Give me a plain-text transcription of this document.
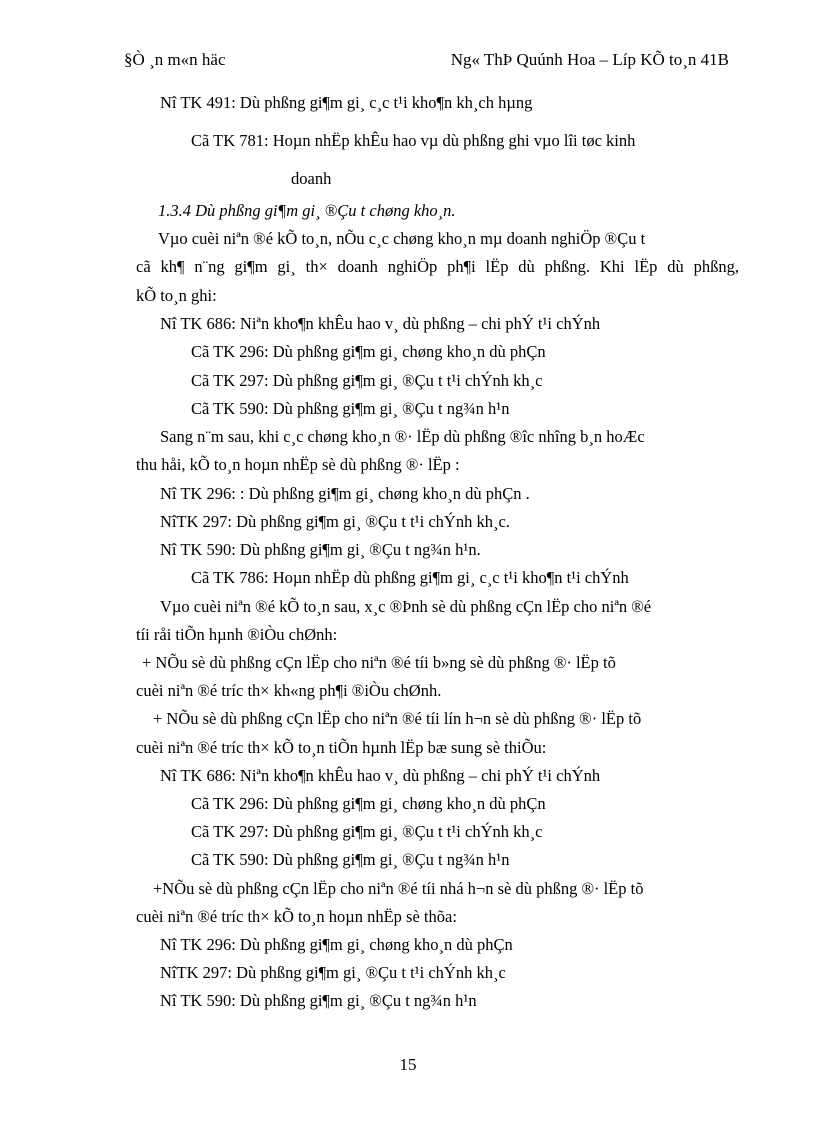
§Ò ¸n m«n häc	Ng« ThÞ Quúnh Hoa – Líp KÕ to¸n 41B
Nî TK 491: Dù phßng gi¶m gi¸ c¸c t¹i kho¶n kh¸ch hµng
Cã TK 781: Hoµn nhËp khÊu hao vµ dù phßng ghi vµo lîi tøc kinh
doanh
1.3.4 Dù phßng gi¶m gi¸ ®Çu t chøng kho¸n.
Vµo cuèi niªn ®é kÕ to¸n, nÕu c¸c chøng kho¸n mµ doanh nghiÖp ®Çu t
cã kh¶ n¨ng gi¶m gi¸ th× doanh nghiÖp ph¶i lËp dù phßng. Khi lËp dù phßng,
kÕ to¸n ghi:
Nî TK 686: Niªn kho¶n khÊu hao v¸ dù phßng – chi phÝ t¹i chÝnh
Cã TK 296: Dù phßng gi¶m gi¸ chøng kho¸n dù phÇn
Cã TK 297: Dù phßng gi¶m gi¸ ®Çu t t¹i chÝnh kh¸c
Cã TK 590: Dù phßng gi¶m gi¸ ®Çu t ng¾n h¹n
Sang n¨m sau, khi c¸c chøng kho¸n ®· lËp dù phßng ®îc nhîng b¸n hoÆc
thu håi, kÕ to¸n hoµn nhËp sè dù phßng ®· lËp :
Nî TK 296: : Dù phßng gi¶m gi¸ chøng kho¸n dù phÇn .
NîTK 297: Dù phßng gi¶m gi¸ ®Çu t t¹i chÝnh kh¸c.
Nî TK 590: Dù phßng gi¶m gi¸ ®Çu t ng¾n h¹n.
Cã TK 786: Hoµn nhËp dù phßng gi¶m gi¸ c¸c t¹i kho¶n t¹i chÝnh
Vµo cuèi niªn ®é kÕ to¸n sau, x¸c ®Þnh sè dù phßng cÇn lËp cho niªn ®é
tíi råi tiÕn hµnh ®iÒu chØnh:
+ NÕu sè dù phßng cÇn lËp cho niªn ®é tíi b»ng sè dù phßng ®· lËp tõ
cuèi niªn ®é tríc th× kh«ng ph¶i ®iÒu chØnh.
+ NÕu sè dù phßng cÇn lËp cho niªn ®é tíi lín h¬n sè dù phßng ®· lËp tõ
cuèi niªn ®é tríc th× kÕ to¸n tiÕn hµnh lËp bæ sung sè thiÕu:
Nî TK 686: Niªn kho¶n khÊu hao v¸ dù phßng – chi phÝ t¹i chÝnh
Cã TK 296: Dù phßng gi¶m gi¸ chøng kho¸n dù phÇn
Cã TK 297: Dù phßng gi¶m gi¸ ®Çu t t¹i chÝnh kh¸c
Cã TK 590: Dù phßng gi¶m gi¸ ®Çu t ng¾n h¹n
+NÕu sè dù phßng cÇn lËp cho niªn ®é tíi nhá h¬n sè dù phßng ®· lËp tõ
cuèi niªn ®é tríc th× kÕ to¸n hoµn nhËp sè thõa:
Nî TK 296: Dù phßng gi¶m gi¸ chøng kho¸n dù phÇn
NîTK 297: Dù phßng gi¶m gi¸ ®Çu t t¹i chÝnh kh¸c
Nî TK 590: Dù phßng gi¶m gi¸ ®Çu t ng¾n h¹n
15
